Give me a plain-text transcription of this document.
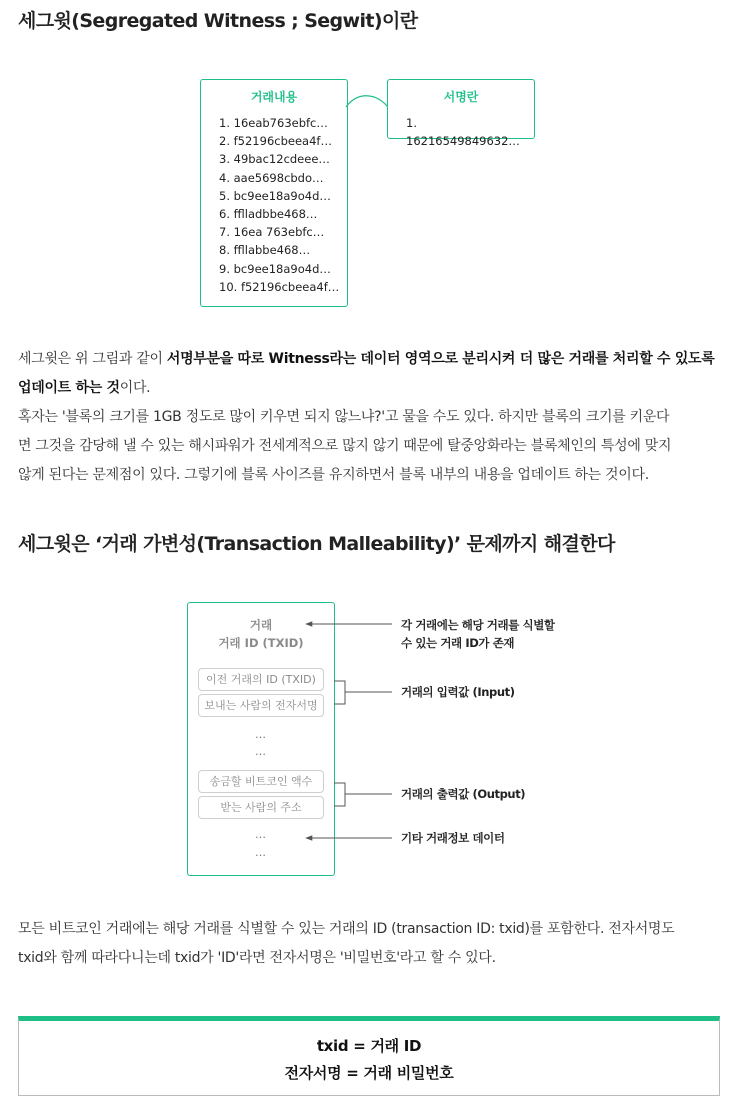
세그윗(Segregated Witness ; Segwit)이란
거래내용
1. 16eab763ebfc…
2. f52196cbeea4f…
3. 49bac12cdeee…
4. aae5698cbdo…
5. bc9ee18a9o4d…
6. fflladbbe468…
7. 16ea 763ebfc…
8. ffllabbe468…
9. bc9ee18a9o4d…
10. f52196cbeea4f…
서명란
1. 16216549849632…
세그윗은 위 그림과 같이 서명부분을 따로 Witness라는 데이터 영역으로 분리시켜 더 많은 거래를 처리할 수 있도록
업데이트 하는 것이다.
혹자는 '블록의 크기를 1GB 정도로 많이 키우면 되지 않느냐?'고 물을 수도 있다. 하지만 블록의 크기를 키운다
면 그것을 감당해 낼 수 있는 해시파워가 전세계적으로 많지 않기 때문에 탈중앙화라는 블록체인의 특성에 맞지
않게 된다는 문제점이 있다. 그렇기에 블록 사이즈를 유지하면서 블록 내부의 내용을 업데이트 하는 것이다.
세그윗은 ‘거래 가변성(Transaction Malleability)’ 문제까지 해결한다
거래
거래 ID (TXID)
이전 거래의 ID (TXID)
보내는 사람의 전자서명
…
…
송금할 비트코인 액수
받는 사람의 주소
…
…
각 거래에는 해당 거래를 식별할
수 있는 거래 ID가 존재
거래의 입력값 (Input)
거래의 출력값 (Output)
기타 거래정보 데이터
모든 비트코인 거래에는 해당 거래를 식별할 수 있는 거래의 ID (transaction ID: txid)를 포함한다. 전자서명도
txid와 함께 따라다니는데 txid가 'ID'라면 전자서명은 '비밀번호'라고 할 수 있다.
txid = 거래 ID
전자서명 = 거래 비밀번호
